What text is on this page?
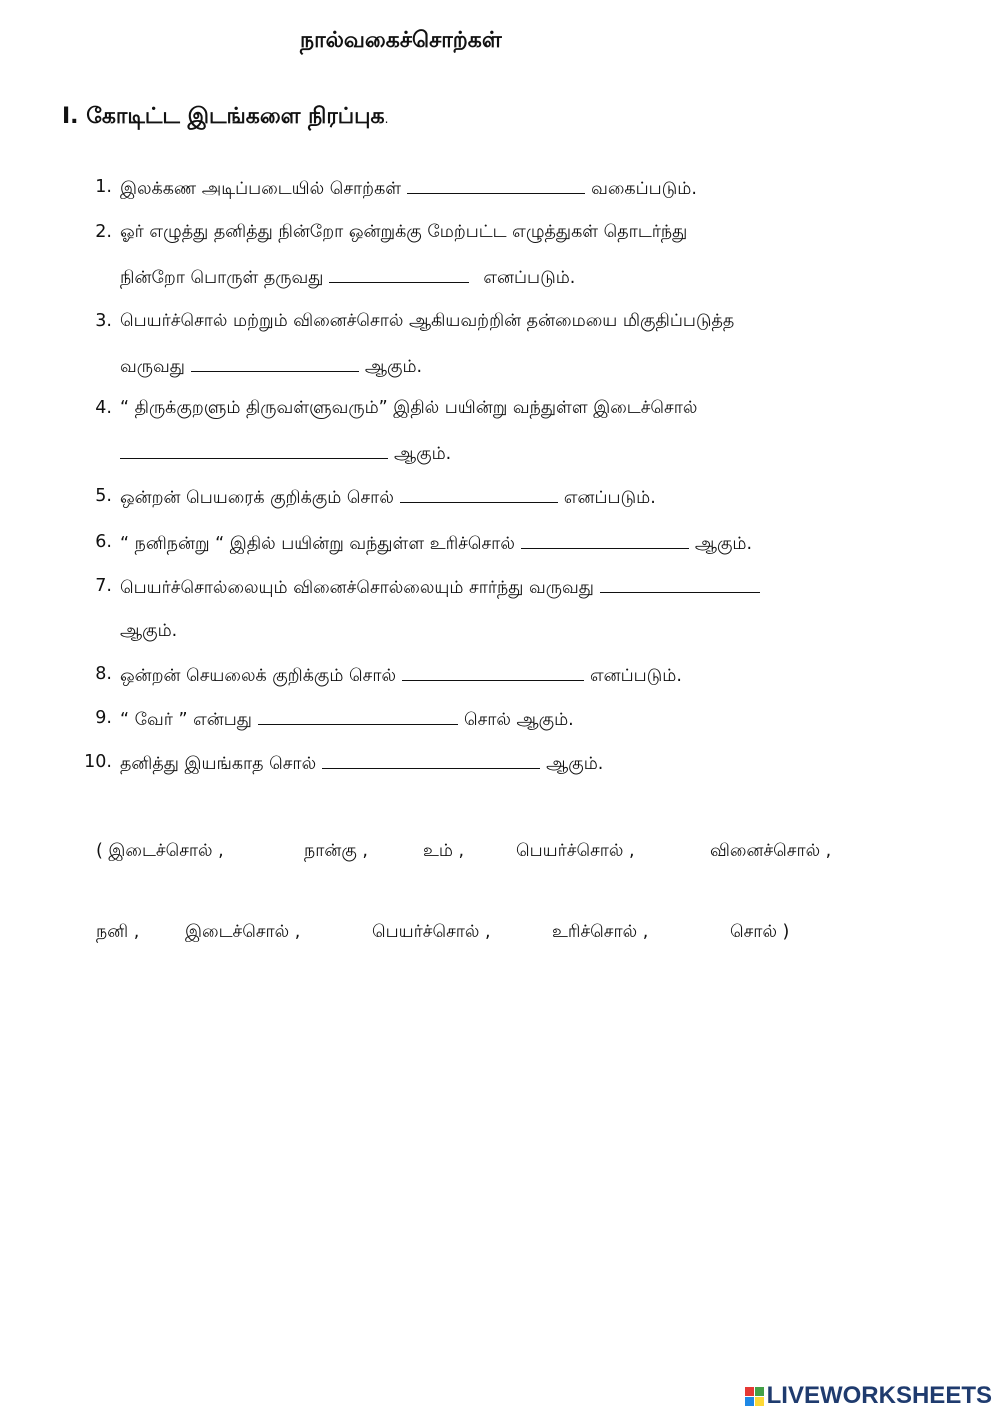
நால்வகைச்சொற்கள்
I. கோடிட்ட இடங்களை நிரப்புக.
1. இலக்கண அடிப்படையில் சொற்கள்	வகைப்படும்.
2. ஓர் எழுத்து தனித்து நின்றோ ஒன்றுக்கு மேற்பட்ட எழுத்துகள் தொடர்ந்து
நின்றோ பொருள் தருவது	எனப்படும்.
3. பெயர்ச்சொல் மற்றும் வினைச்சொல் ஆகியவற்றின் தன்மையை மிகுதிப்படுத்த
வருவது	ஆகும்.
4. “ திருக்குறளும் திருவள்ளுவரும்” இதில் பயின்று வந்துள்ள இடைச்சொல்
ஆகும்.
5. ஒன்றன் பெயரைக் குறிக்கும் சொல்	எனப்படும்.
6. “ நனிநன்று “ இதில் பயின்று வந்துள்ள உரிச்சொல்	ஆகும்.
7. பெயர்ச்சொல்லையும் வினைச்சொல்லையும் சார்ந்து வருவது
ஆகும்.
8. ஒன்றன் செயலைக் குறிக்கும் சொல்	எனப்படும்.
9. “ வேர் ” என்பது	சொல் ஆகும்.
10. தனித்து இயங்காத சொல்	ஆகும்.
( இடைச்சொல் ,	நான்கு ,	உம் ,	பெயர்ச்சொல் ,	வினைச்சொல் ,
நனி ,	இடைச்சொல் ,	பெயர்ச்சொல் ,	உரிச்சொல் ,	சொல் )
LIVEWORKSHEETS
